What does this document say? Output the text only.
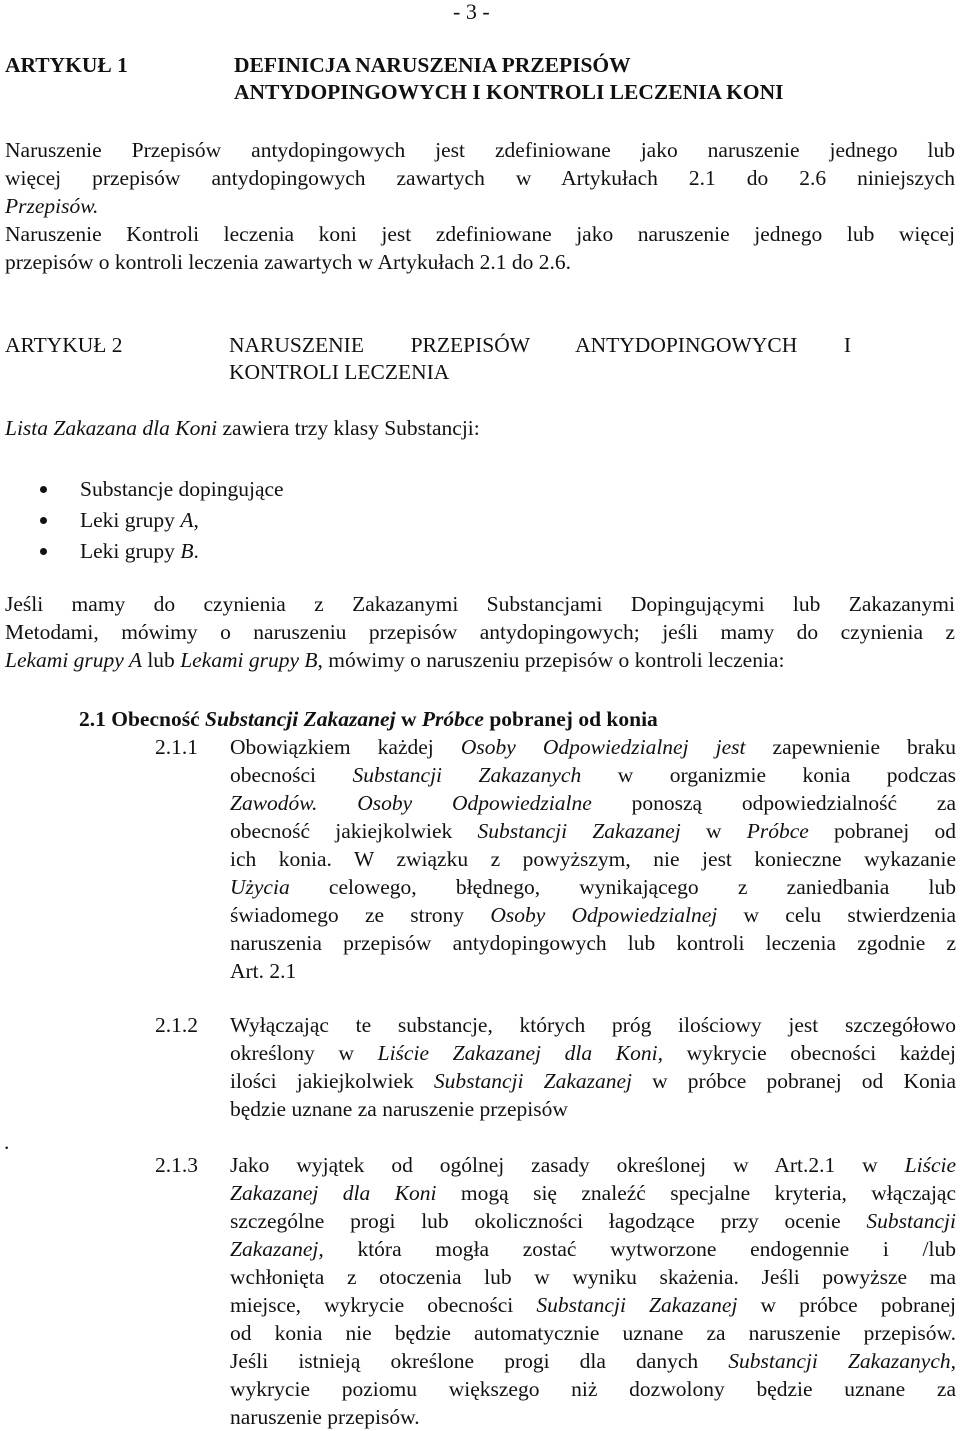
- 3 -
ARTYKUŁ 1	DEFINICJA NARUSZENIA PRZEPISÓW
ANTYDOPINGOWYCH I KONTROLI LECZENIA KONI
Naruszenie Przepisów antydopingowych jest zdefiniowane jako naruszenie jednego lub
więcej przepisów antydopingowych zawartych w Artykułach 2.1 do 2.6 niniejszych
Przepisów.
Naruszenie Kontroli leczenia koni jest zdefiniowane jako naruszenie jednego lub więcej
przepisów o kontroli leczenia zawartych w Artykułach 2.1 do 2.6.
ARTYKUŁ 2	NARUSZENIE PRZEPISÓW ANTYDOPINGOWYCH I
KONTROLI LECZENIA
Lista Zakazana dla Koni zawiera trzy klasy Substancji:
Substancje dopingujące
Leki grupy A,
Leki grupy B.
Jeśli mamy do czynienia z Zakazanymi Substancjami Dopingującymi lub Zakazanymi
Metodami, mówimy o naruszeniu przepisów antydopingowych; jeśli mamy do czynienia z
Lekami grupy A lub Lekami grupy B, mówimy o naruszeniu przepisów o kontroli leczenia:
2.1 Obecność Substancji Zakazanej w Próbce pobranej od konia
.
2.1.1 Obowiązkiem każdej Osoby Odpowiedzialnej jest zapewnienie braku
obecności Substancji Zakazanych w organizmie konia podczas
Zawodów. Osoby Odpowiedzialne ponoszą odpowiedzialność za
obecność jakiejkolwiek Substancji Zakazanej w Próbce pobranej od
ich konia. W związku z powyższym, nie jest konieczne wykazanie
Użycia celowego, błędnego, wynikającego z zaniedbania lub
świadomego ze strony Osoby Odpowiedzialnej w celu stwierdzenia
naruszenia przepisów antydopingowych lub kontroli leczenia zgodnie z
Art. 2.1
2.1.2 Wyłączając te substancje, których próg ilościowy jest szczegółowo
określony w Liście Zakazanej dla Koni, wykrycie obecności każdej
ilości jakiejkolwiek Substancji Zakazanej w próbce pobranej od Konia
będzie uznane za naruszenie przepisów
2.1.3 Jako wyjątek od ogólnej zasady określonej w Art.2.1 w Liście
Zakazanej dla Koni mogą się znaleźć specjalne kryteria, włączając
szczególne progi lub okoliczności łagodzące przy ocenie Substancji
Zakazanej, która mogła zostać wytworzone endogennie i /lub
wchłonięta z otoczenia lub w wyniku skażenia. Jeśli powyższe ma
miejsce, wykrycie obecności Substancji Zakazanej w próbce pobranej
od konia nie będzie automatycznie uznane za naruszenie przepisów.
Jeśli istnieją określone progi dla danych Substancji Zakazanych,
wykrycie poziomu większego niż dozwolony będzie uznane za
naruszenie przepisów.
